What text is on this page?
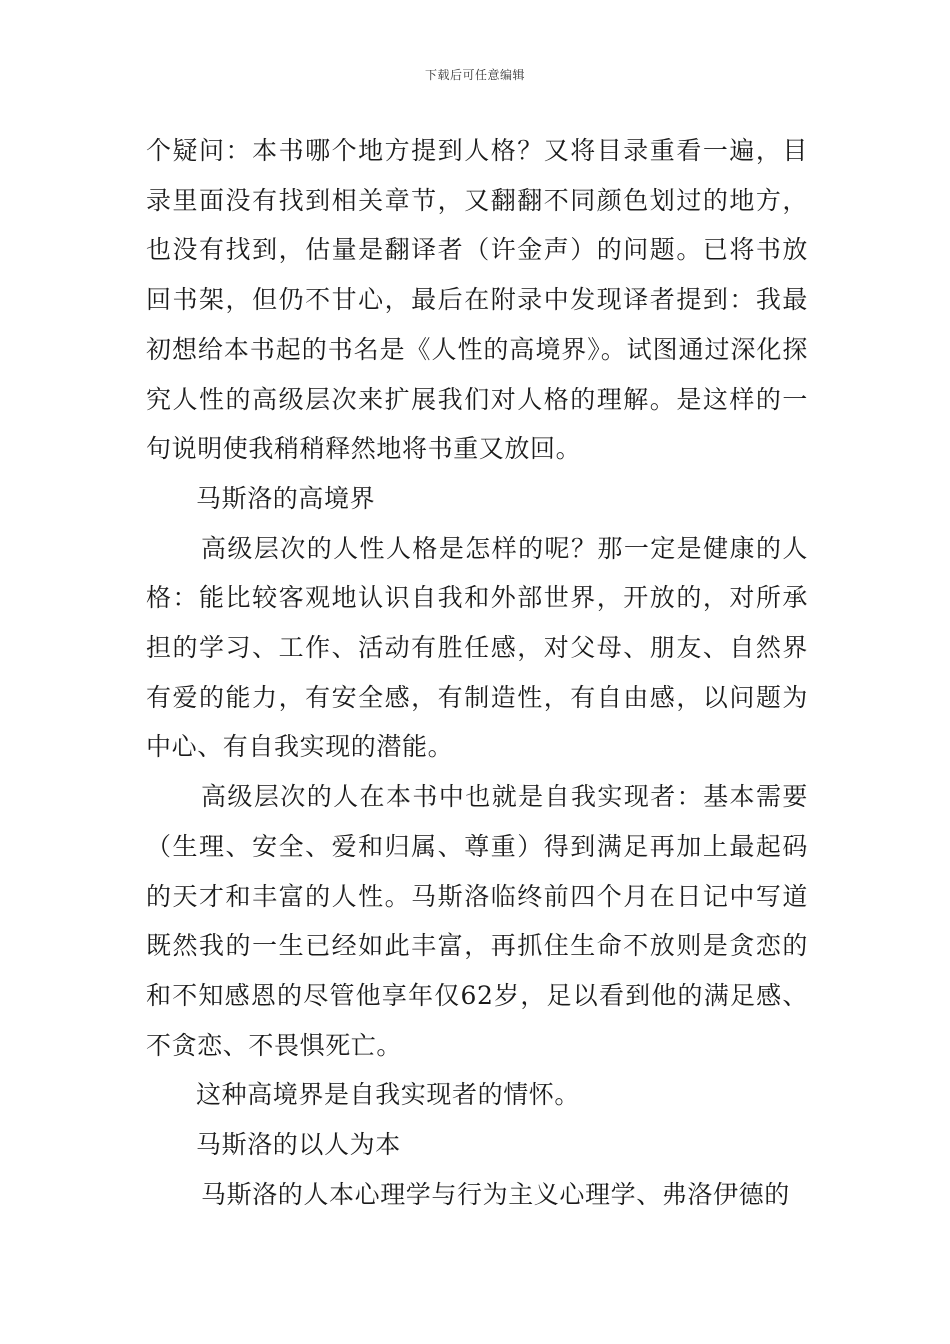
下载后可任意编辑

个疑问：本书哪个地方提到人格？又将目录重看一遍，目录里面没有找到相关章节，又翻翻不同颜色划过的地方，也没有找到，估量是翻译者（许金声）的问题。已将书放回书架，但仍不甘心，最后在附录中发现译者提到：我最初想给本书起的书名是《人性的高境界》。试图通过深化探究人性的高级层次来扩展我们对人格的理解。是这样的一句说明使我稍稍释然地将书重又放回。

马斯洛的高境界

高级层次的人性人格是怎样的呢？那一定是健康的人格：能比较客观地认识自我和外部世界，开放的，对所承担的学习、工作、活动有胜任感，对父母、朋友、自然界有爱的能力，有安全感，有制造性，有自由感，以问题为中心、有自我实现的潜能。

高级层次的人在本书中也就是自我实现者：基本需要（生理、安全、爱和归属、尊重）得到满足再加上最起码的天才和丰富的人性。马斯洛临终前四个月在日记中写道既然我的一生已经如此丰富，再抓住生命不放则是贪恋的和不知感恩的尽管他享年仅62岁，足以看到他的满足感、不贪恋、不畏惧死亡。

这种高境界是自我实现者的情怀。

马斯洛的以人为本

马斯洛的人本心理学与行为主义心理学、弗洛伊德的
